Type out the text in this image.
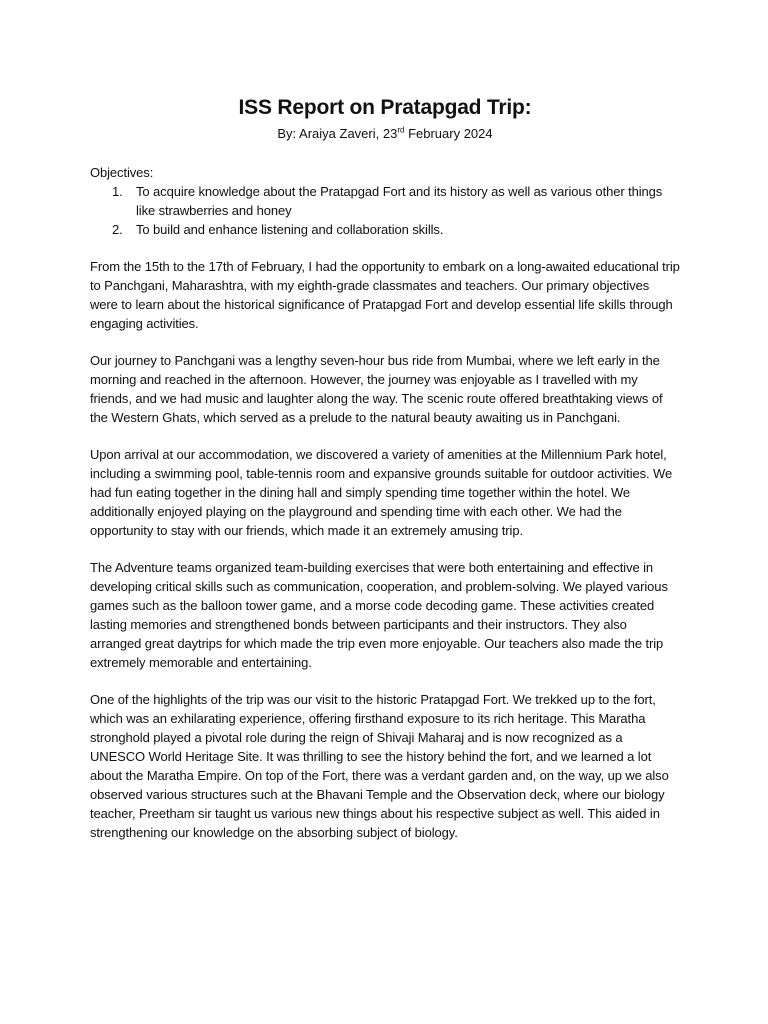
ISS Report on Pratapgad Trip:
By: Araiya Zaveri, 23rd February 2024
Objectives:
1. To acquire knowledge about the Pratapgad Fort and its history as well as various other things like strawberries and honey
2. To build and enhance listening and collaboration skills.

From the 15th to the 17th of February, I had the opportunity to embark on a long-awaited educational trip to Panchgani, Maharashtra, with my eighth-grade classmates and teachers. Our primary objectives were to learn about the historical significance of Pratapgad Fort and develop essential life skills through engaging activities.

Our journey to Panchgani was a lengthy seven-hour bus ride from Mumbai, where we left early in the morning and reached in the afternoon. However, the journey was enjoyable as I travelled with my friends, and we had music and laughter along the way. The scenic route offered breathtaking views of the Western Ghats, which served as a prelude to the natural beauty awaiting us in Panchgani.

Upon arrival at our accommodation, we discovered a variety of amenities at the Millennium Park hotel, including a swimming pool, table-tennis room and expansive grounds suitable for outdoor activities. We had fun eating together in the dining hall and simply spending time together within the hotel. We additionally enjoyed playing on the playground and spending time with each other. We had the opportunity to stay with our friends, which made it an extremely amusing trip.

The Adventure teams organized team-building exercises that were both entertaining and effective in developing critical skills such as communication, cooperation, and problem-solving. We played various games such as the balloon tower game, and a morse code decoding game. These activities created lasting memories and strengthened bonds between participants and their instructors. They also arranged great daytrips for which made the trip even more enjoyable. Our teachers also made the trip extremely memorable and entertaining.

One of the highlights of the trip was our visit to the historic Pratapgad Fort. We trekked up to the fort, which was an exhilarating experience, offering firsthand exposure to its rich heritage. This Maratha stronghold played a pivotal role during the reign of Shivaji Maharaj and is now recognized as a UNESCO World Heritage Site. It was thrilling to see the history behind the fort, and we learned a lot about the Maratha Empire. On top of the Fort, there was a verdant garden and, on the way, up we also observed various structures such at the Bhavani Temple and the Observation deck, where our biology teacher, Preetham sir taught us various new things about his respective subject as well. This aided in strengthening our knowledge on the absorbing subject of biology.
